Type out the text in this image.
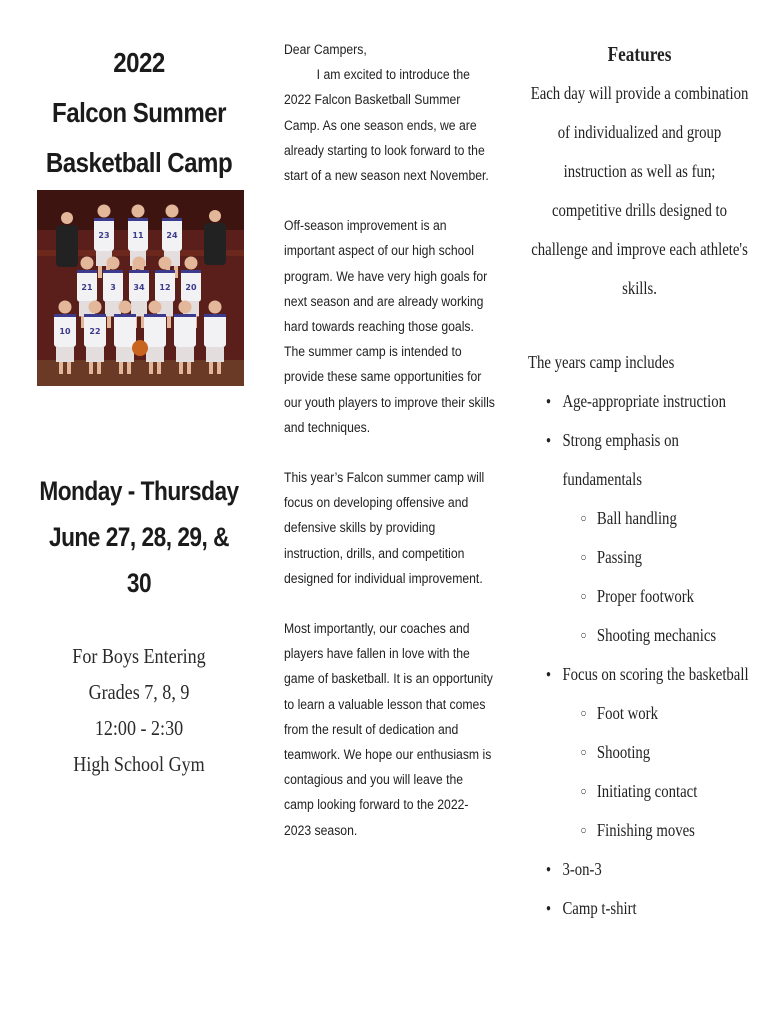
2022
Falcon Summer
Basketball Camp
23	11	24
21 3 34 12 20
10 22
Monday - Thursday
June 27, 28, 29, & 30
For Boys Entering
Grades 7, 8, 9
12:00 - 2:30
High School Gym

Dear Campers,

I am excited to introduce the 2022 Falcon Basketball Summer Camp. As one season ends, we are already starting to look forward to the start of a new season next November.

Off-season improvement is an important aspect of our high school program. We have very high goals for next season and are already working hard towards reaching those goals. The summer camp is intended to provide these same opportunities for our youth players to improve their skills and techniques.

This year’s Falcon summer camp will focus on developing offensive and defensive skills by providing instruction, drills, and competition designed for individual improvement.

Most importantly, our coaches and players have fallen in love with the game of basketball. It is an opportunity to learn a valuable lesson that comes from the result of dedication and teamwork. We hope our enthusiasm is contagious and you will leave the camp looking forward to the 2022-2023 season.

Features

Each day will provide a combination of individualized and group instruction as well as fun; competitive drills designed to challenge and improve each athlete's skills.

The years camp includes

● Age-appropriate instruction
● Strong emphasis on fundamentals
○ Ball handling
○ Passing
○ Proper footwork
○ Shooting mechanics
● Focus on scoring the basketball
○ Foot work
○ Shooting
○ Initiating contact
○ Finishing moves
● 3-on-3
● Camp t-shirt
